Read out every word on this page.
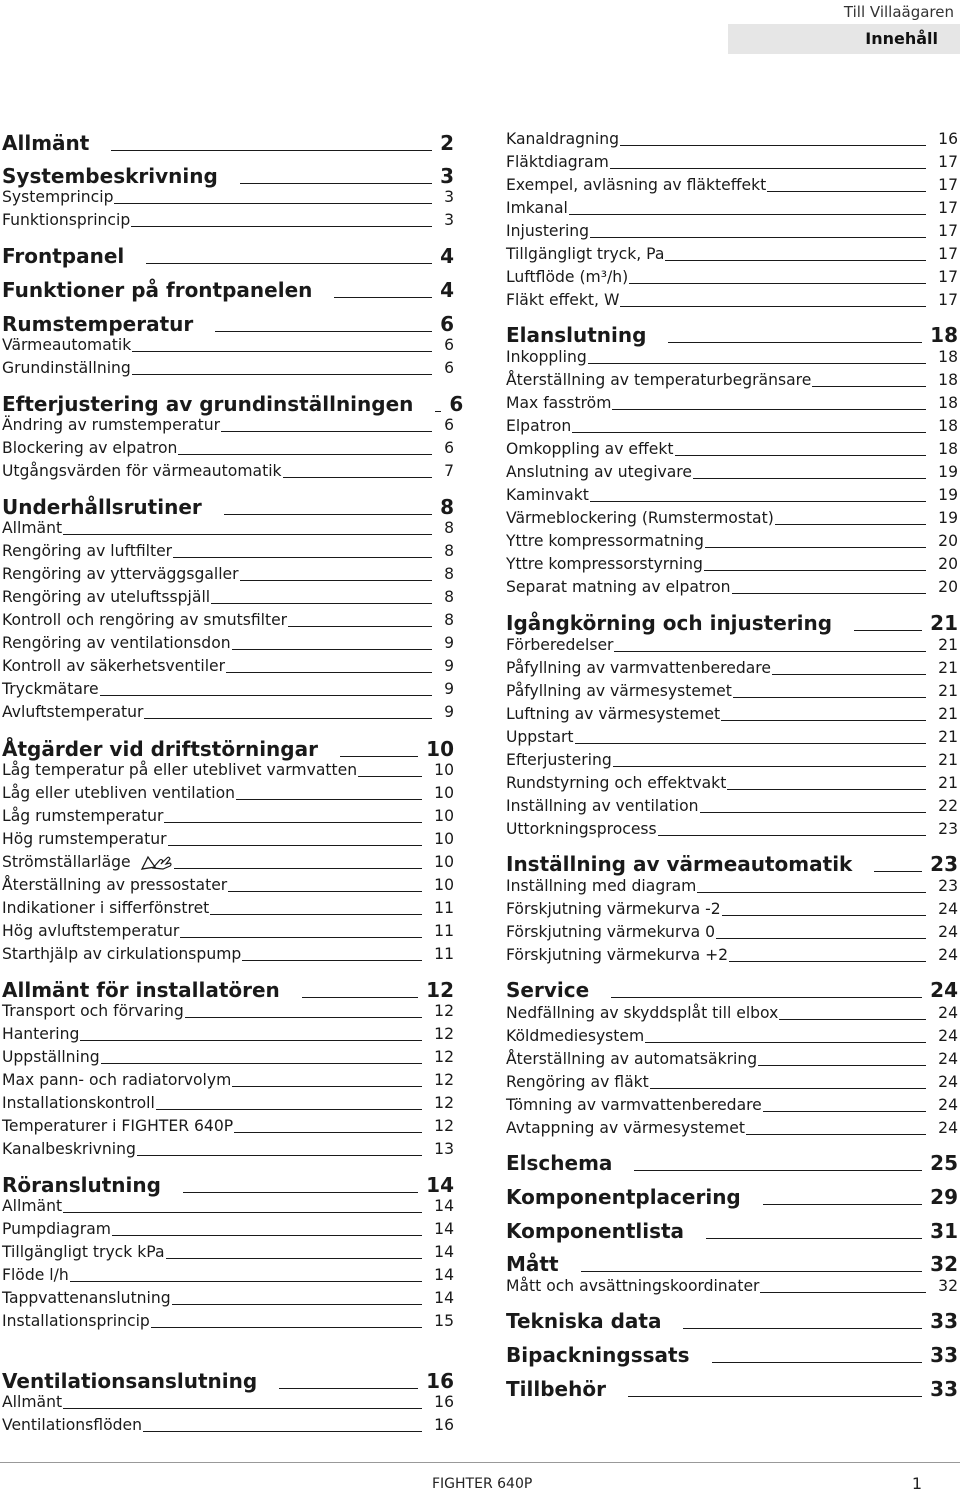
Till Villaägaren
Innehåll
Allmänt	2
Systembeskrivning	3
Systemprincip	3
Funktionsprincip	3
Frontpanel	4
Funktioner på frontpanelen	4
Rumstemperatur	6
Värmeautomatik	6
Grundinställning	6
Efterjustering av grundinställningen 6
Ändring av rumstemperatur	6
Blockering av elpatron	6
Utgångsvärden för värmeautomatik	7
Underhållsrutiner	8
Allmänt	8
Rengöring av luftfilter	8
Rengöring av ytterväggsgaller	8
Rengöring av uteluftsspjäll	8
Kontroll och rengöring av smutsfilter	8
Rengöring av ventilationsdon	9
Kontroll av säkerhetsventiler	9
Tryckmätare	9
Avluftstemperatur	9
Åtgärder vid driftstörningar	10
Låg temperatur på eller uteblivet varmvatten	10
Låg eller utebliven ventilation	10
Låg rumstemperatur	10
Hög rumstemperatur	10
Strömställarläge	10
Återställning av pressostater	10
Indikationer i sifferfönstret	11
Hög avluftstemperatur	11
Starthjälp av cirkulationspump	11
Allmänt för installatören	12
Transport och förvaring	12
Hantering	12
Uppställning	12
Max pann- och radiatorvolym	12
Installationskontroll	12
Temperaturer i FIGHTER 640P	12
Kanalbeskrivning	13
Röranslutning	14
Allmänt	14
Pumpdiagram	14
Tillgängligt tryck kPa	14
Flöde l/h	14
Tappvattenanslutning	14
Installationsprincip	15
Ventilationsanslutning	16
Allmänt	16
Ventilationsflöden	16
Kanaldragning	16
Fläktdiagram	17
Exempel, avläsning av fläkteffekt	17
Imkanal	17
Injustering	17
Tillgängligt tryck, Pa	17
Luftflöde (m³/h)	17
Fläkt effekt, W	17
Elanslutning	18
Inkoppling	18
Återställning av temperaturbegränsare	18
Max fasström	18
Elpatron	18
Omkoppling av effekt	18
Anslutning av utegivare	19
Kaminvakt	19
Värmeblockering (Rumstermostat)	19
Yttre kompressormatning	20
Yttre kompressorstyrning	20
Separat matning av elpatron	20
Igångkörning och injustering	21
Förberedelser	21
Påfyllning av varmvattenberedare	21
Påfyllning av värmesystemet	21
Luftning av värmesystemet	21
Uppstart	21
Efterjustering	21
Rundstyrning och effektvakt	21
Inställning av ventilation	22
Uttorkningsprocess	23
Inställning av värmeautomatik	23
Inställning med diagram	23
Förskjutning värmekurva -2	24
Förskjutning värmekurva 0	24
Förskjutning värmekurva +2	24
Service	24
Nedfällning av skyddsplåt till elbox	24
Köldmediesystem	24
Återställning av automatsäkring	24
Rengöring av fläkt	24
Tömning av varmvattenberedare	24
Avtappning av värmesystemet	24
Elschema	25
Komponentplacering	29
Komponentlista	31
Mått	32
Mått och avsättningskoordinater	32
Tekniska data	33
Bipackningssats	33
Tillbehör	33
FIGHTER 640P	1
